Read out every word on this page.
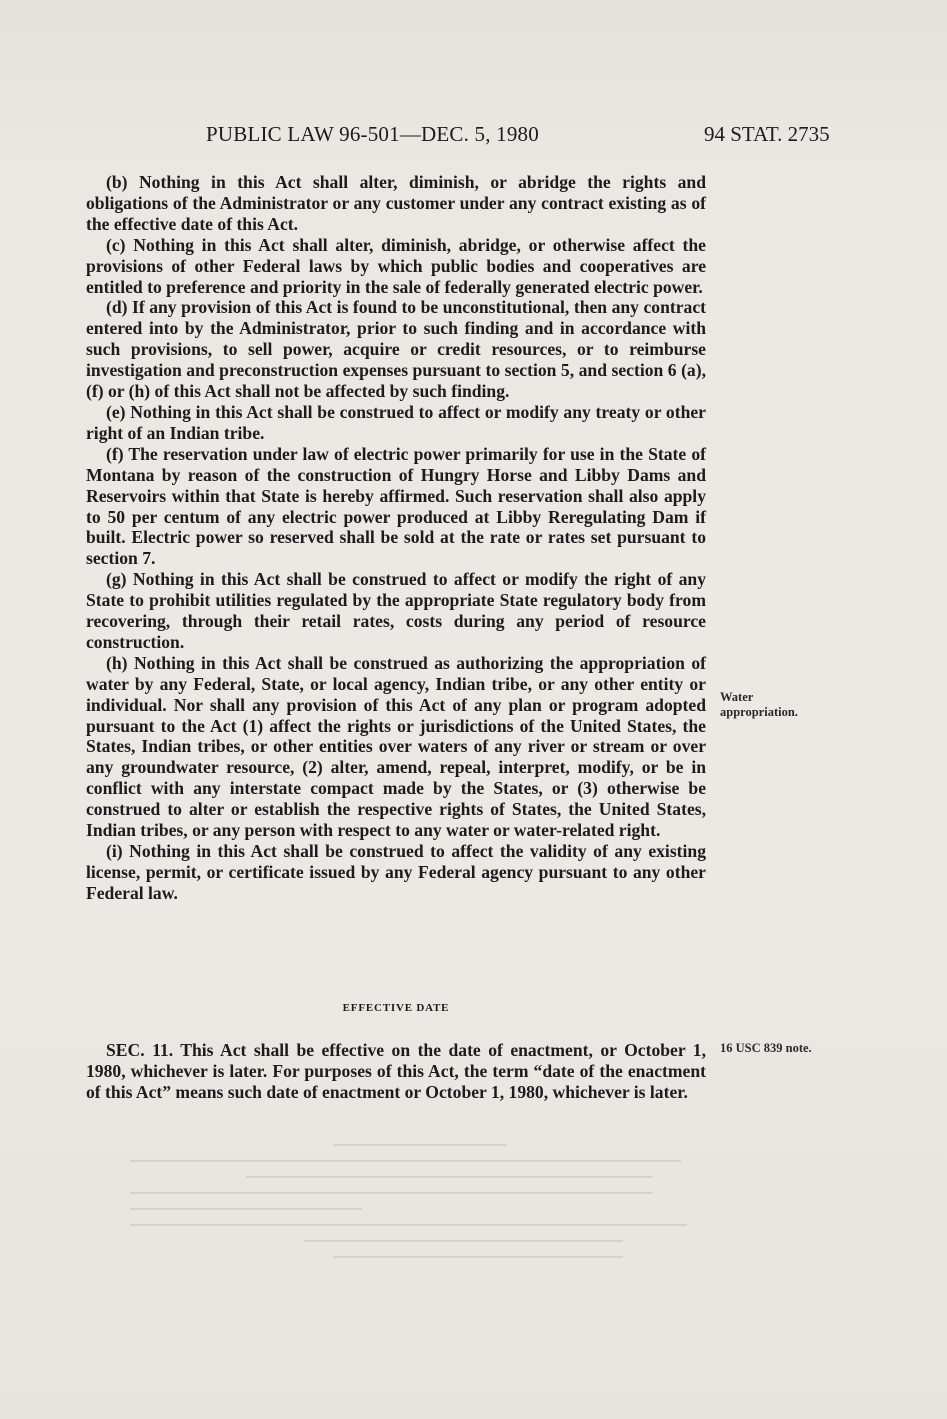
PUBLIC LAW 96-501—DEC. 5, 1980	94 STAT. 2735

(b) Nothing in this Act shall alter, diminish, or abridge the rights and obligations of the Administrator or any customer under any contract existing as of the effective date of this Act.

(c) Nothing in this Act shall alter, diminish, abridge, or otherwise affect the provisions of other Federal laws by which public bodies and cooperatives are entitled to preference and priority in the sale of federally generated electric power.

(d) If any provision of this Act is found to be unconstitutional, then any contract entered into by the Administrator, prior to such finding and in accordance with such provisions, to sell power, acquire or credit resources, or to reimburse investigation and preconstruction expenses pursuant to section 5, and section 6 (a), (f) or (h) of this Act shall not be affected by such finding.

(e) Nothing in this Act shall be construed to affect or modify any treaty or other right of an Indian tribe.

(f) The reservation under law of electric power primarily for use in the State of Montana by reason of the construction of Hungry Horse and Libby Dams and Reservoirs within that State is hereby affirmed. Such reservation shall also apply to 50 per centum of any electric power produced at Libby Reregulating Dam if built. Electric power so reserved shall be sold at the rate or rates set pursuant to section 7.

(g) Nothing in this Act shall be construed to affect or modify the right of any State to prohibit utilities regulated by the appropriate State regulatory body from recovering, through their retail rates, costs during any period of resource construction.

(h) Nothing in this Act shall be construed as authorizing the appropriation of water by any Federal, State, or local agency, Indian tribe, or any other entity or individual. Nor shall any provision of this Act of any plan or program adopted pursuant to the Act (1) affect the rights or jurisdictions of the United States, the States, Indian tribes, or other entities over waters of any river or stream or over any groundwater resource, (2) alter, amend, repeal, interpret, modify, or be in conflict with any interstate compact made by the States, or (3) otherwise be construed to alter or establish the respective rights of States, the United States, Indian tribes, or any person with respect to any water or water-related right.

(i) Nothing in this Act shall be construed to affect the validity of any existing license, permit, or certificate issued by any Federal agency pursuant to any other Federal law.

EFFECTIVE DATE

SEC. 11. This Act shall be effective on the date of enactment, or October 1, 1980, whichever is later. For purposes of this Act, the term “date of the enactment of this Act” means such date of enactment or October 1, 1980, whichever is later.

Water appropriation.
16 USC 839 note.
